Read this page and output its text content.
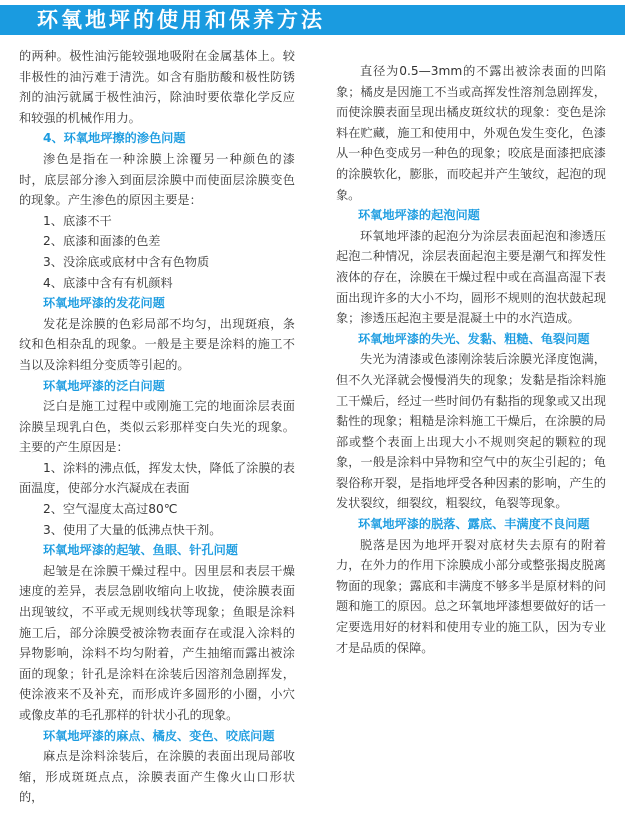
环氧地坪的使用和保养方法

的两种。极性油污能较强地吸附在金属基体上。较非极性的油污难于清洗。如含有脂肪酸和极性防锈剂的油污就属于极性油污，除油时要依靠化学反应和较强的机械作用力。

4、环氧地坪擦的渗色问题

渗色是指在一种涂膜上涂覆另一种颜色的漆时，底层部分渗入到面层涂膜中而使面层涂膜变色的现象。产生渗色的原因主要是：

1、底漆不干

2、底漆和面漆的色差

3、没涂底或底材中含有色物质

4、底漆中含有有机颜料

环氧地坪漆的发花问题

发花是涂膜的色彩局部不均匀，出现斑痕，条纹和色相杂乱的现象。一般是主要是涂料的施工不当以及涂料组分变质等引起的。

环氧地坪漆的泛白问题

泛白是施工过程中或刚施工完的地面涂层表面涂膜呈现乳白色，类似云彩那样变白失光的现象。主要的产生原因是：

1、涂料的沸点低，挥发太快，降低了涂膜的表面温度，使部分水汽凝成在表面

2、空气湿度太高过80℃

3、使用了大量的低沸点快干剂。

环氧地坪漆的起皱、鱼眼、针孔问题

起皱是在涂膜干燥过程中。因里层和表层干燥速度的差异，表层急剧收缩向上收拢，使涂膜表面出现皱纹，不平或无规则线状等现象；鱼眼是涂料施工后，部分涂膜受被涂物表面存在或混入涂料的异物影响，涂料不均匀附着，产生抽缩而露出被涂面的现象；针孔是涂料在涂装后因溶剂急剧挥发，使涂液来不及补充，而形成许多圆形的小圈，小穴或像皮革的毛孔那样的针状小孔的现象。

环氧地坪漆的麻点、橘皮、变色、咬底问题

麻点是涂料涂装后，在涂膜的表面出现局部收缩，形成斑斑点点，涂膜表面产生像火山口形状的，

直径为0.5—3mm的不露出被涂表面的凹陷象；橘皮是因施工不当或高挥发性溶剂急剧挥发，而使涂膜表面呈现出橘皮斑纹状的现象：变色是涂料在贮藏，施工和使用中，外观色发生变化，色漆从一种色变成另一种色的现象；咬底是面漆把底漆的涂膜软化，膨胀，而咬起并产生皱纹，起泡的现象。

环氧地坪漆的起泡问题

环氧地坪漆的起泡分为涂层表面起泡和渗透压起泡二种情况，涂层表面起泡主要是潮气和挥发性液体的存在，涂膜在干燥过程中或在高温高湿下表面出现许多的大小不均，圆形不规则的泡状鼓起现象；渗透压起泡主要是混凝土中的水汽造成。

环氧地坪漆的失光、发黏、粗糙、龟裂问题

失光为清漆或色漆刚涂装后涂膜光泽度饱满，但不久光泽就会慢慢消失的现象；发黏是指涂料施工干燥后，经过一些时间仍有黏指的现象或又出现黏性的现象；粗糙是涂料施工干燥后，在涂膜的局部或整个表面上出现大小不规则突起的颗粒的现象，一般是涂料中异物和空气中的灰尘引起的；龟裂俗称开裂，是指地坪受各种因素的影响，产生的发状裂纹，细裂纹，粗裂纹，龟裂等现象。

环氧地坪漆的脱落、露底、丰满度不良问题

脱落是因为地坪开裂对底材失去原有的附着力，在外力的作用下涂膜成小部分或整张揭皮脱离物面的现象；露底和丰满度不够多半是原材料的问题和施工的原因。总之环氧地坪漆想要做好的话一定要选用好的材料和使用专业的施工队，因为专业才是品质的保障。
